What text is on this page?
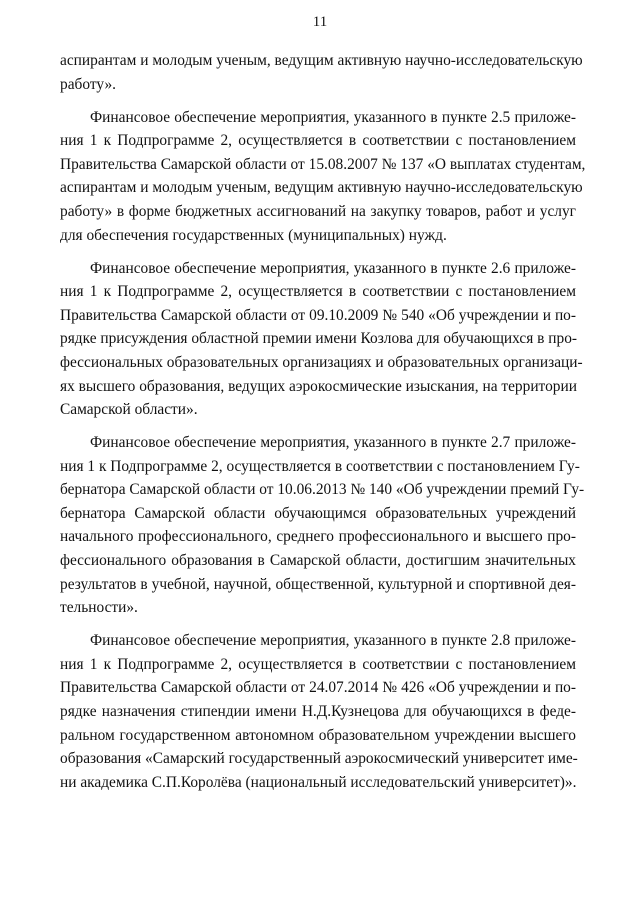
11
аспирантам и молодым ученым, ведущим активную научно-исследовательскую
работу».
Финансовое обеспечение мероприятия, указанного в пункте 2.5 приложе-
ния 1 к Подпрограмме 2, осуществляется в соответствии с постановлением
Правительства Самарской области от 15.08.2007 № 137 «О выплатах студентам,
аспирантам и молодым ученым, ведущим активную научно-исследовательскую
работу» в форме бюджетных ассигнований на закупку товаров, работ и услуг
для обеспечения государственных (муниципальных) нужд.
Финансовое обеспечение мероприятия, указанного в пункте 2.6 приложе-
ния 1 к Подпрограмме 2, осуществляется в соответствии с постановлением
Правительства Самарской области от 09.10.2009 № 540 «Об учреждении и по-
рядке присуждения областной премии имени Козлова для обучающихся в про-
фессиональных образовательных организациях и образовательных организаци-
ях высшего образования, ведущих аэрокосмические изыскания, на территории
Самарской области».
Финансовое обеспечение мероприятия, указанного в пункте 2.7 приложе-
ния 1 к Подпрограмме 2, осуществляется в соответствии с постановлением Гу-
бернатора Самарской области от 10.06.2013 № 140 «Об учреждении премий Гу-
бернатора Самарской области обучающимся образовательных учреждений
начального профессионального, среднего профессионального и высшего про-
фессионального образования в Самарской области, достигшим значительных
результатов в учебной, научной, общественной, культурной и спортивной дея-
тельности».
Финансовое обеспечение мероприятия, указанного в пункте 2.8 приложе-
ния 1 к Подпрограмме 2, осуществляется в соответствии с постановлением
Правительства Самарской области от 24.07.2014 № 426 «Об учреждении и по-
рядке назначения стипендии имени Н.Д.Кузнецова для обучающихся в феде-
ральном государственном автономном образовательном учреждении высшего
образования «Самарский государственный аэрокосмический университет име-
ни академика С.П.Королёва (национальный исследовательский университет)».
